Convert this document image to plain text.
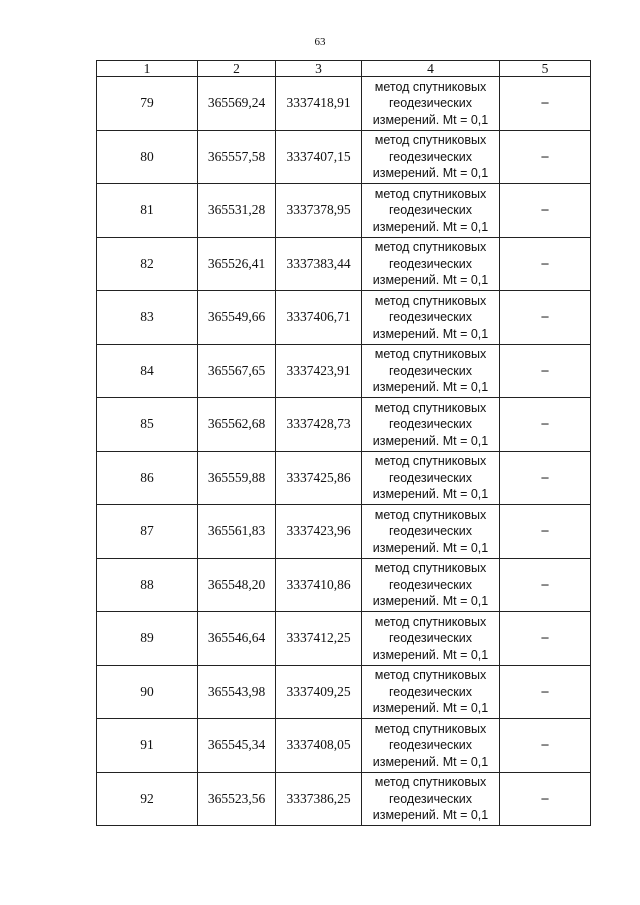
63
1	2	3	4	5
79	365569,24	3337418,91	метод спутниковых
геодезических
измерений. Mt = 0,1	–
80	365557,58	3337407,15	метод спутниковых
геодезических
измерений. Mt = 0,1	–
81	365531,28	3337378,95	метод спутниковых
геодезических
измерений. Mt = 0,1	–
82	365526,41	3337383,44	метод спутниковых
геодезических
измерений. Mt = 0,1	–
83	365549,66	3337406,71	метод спутниковых
геодезических
измерений. Mt = 0,1	–
84	365567,65	3337423,91	метод спутниковых
геодезических
измерений. Mt = 0,1	–
85	365562,68	3337428,73	метод спутниковых
геодезических
измерений. Mt = 0,1	–
86	365559,88	3337425,86	метод спутниковых
геодезических
измерений. Mt = 0,1	–
87	365561,83	3337423,96	метод спутниковых
геодезических
измерений. Mt = 0,1	–
88	365548,20	3337410,86	метод спутниковых
геодезических
измерений. Mt = 0,1	–
89	365546,64	3337412,25	метод спутниковых
геодезических
измерений. Mt = 0,1	–
90	365543,98	3337409,25	метод спутниковых
геодезических
измерений. Mt = 0,1	–
91	365545,34	3337408,05	метод спутниковых
геодезических
измерений. Mt = 0,1	–
92	365523,56	3337386,25	метод спутниковых
геодезических
измерений. Mt = 0,1	–
